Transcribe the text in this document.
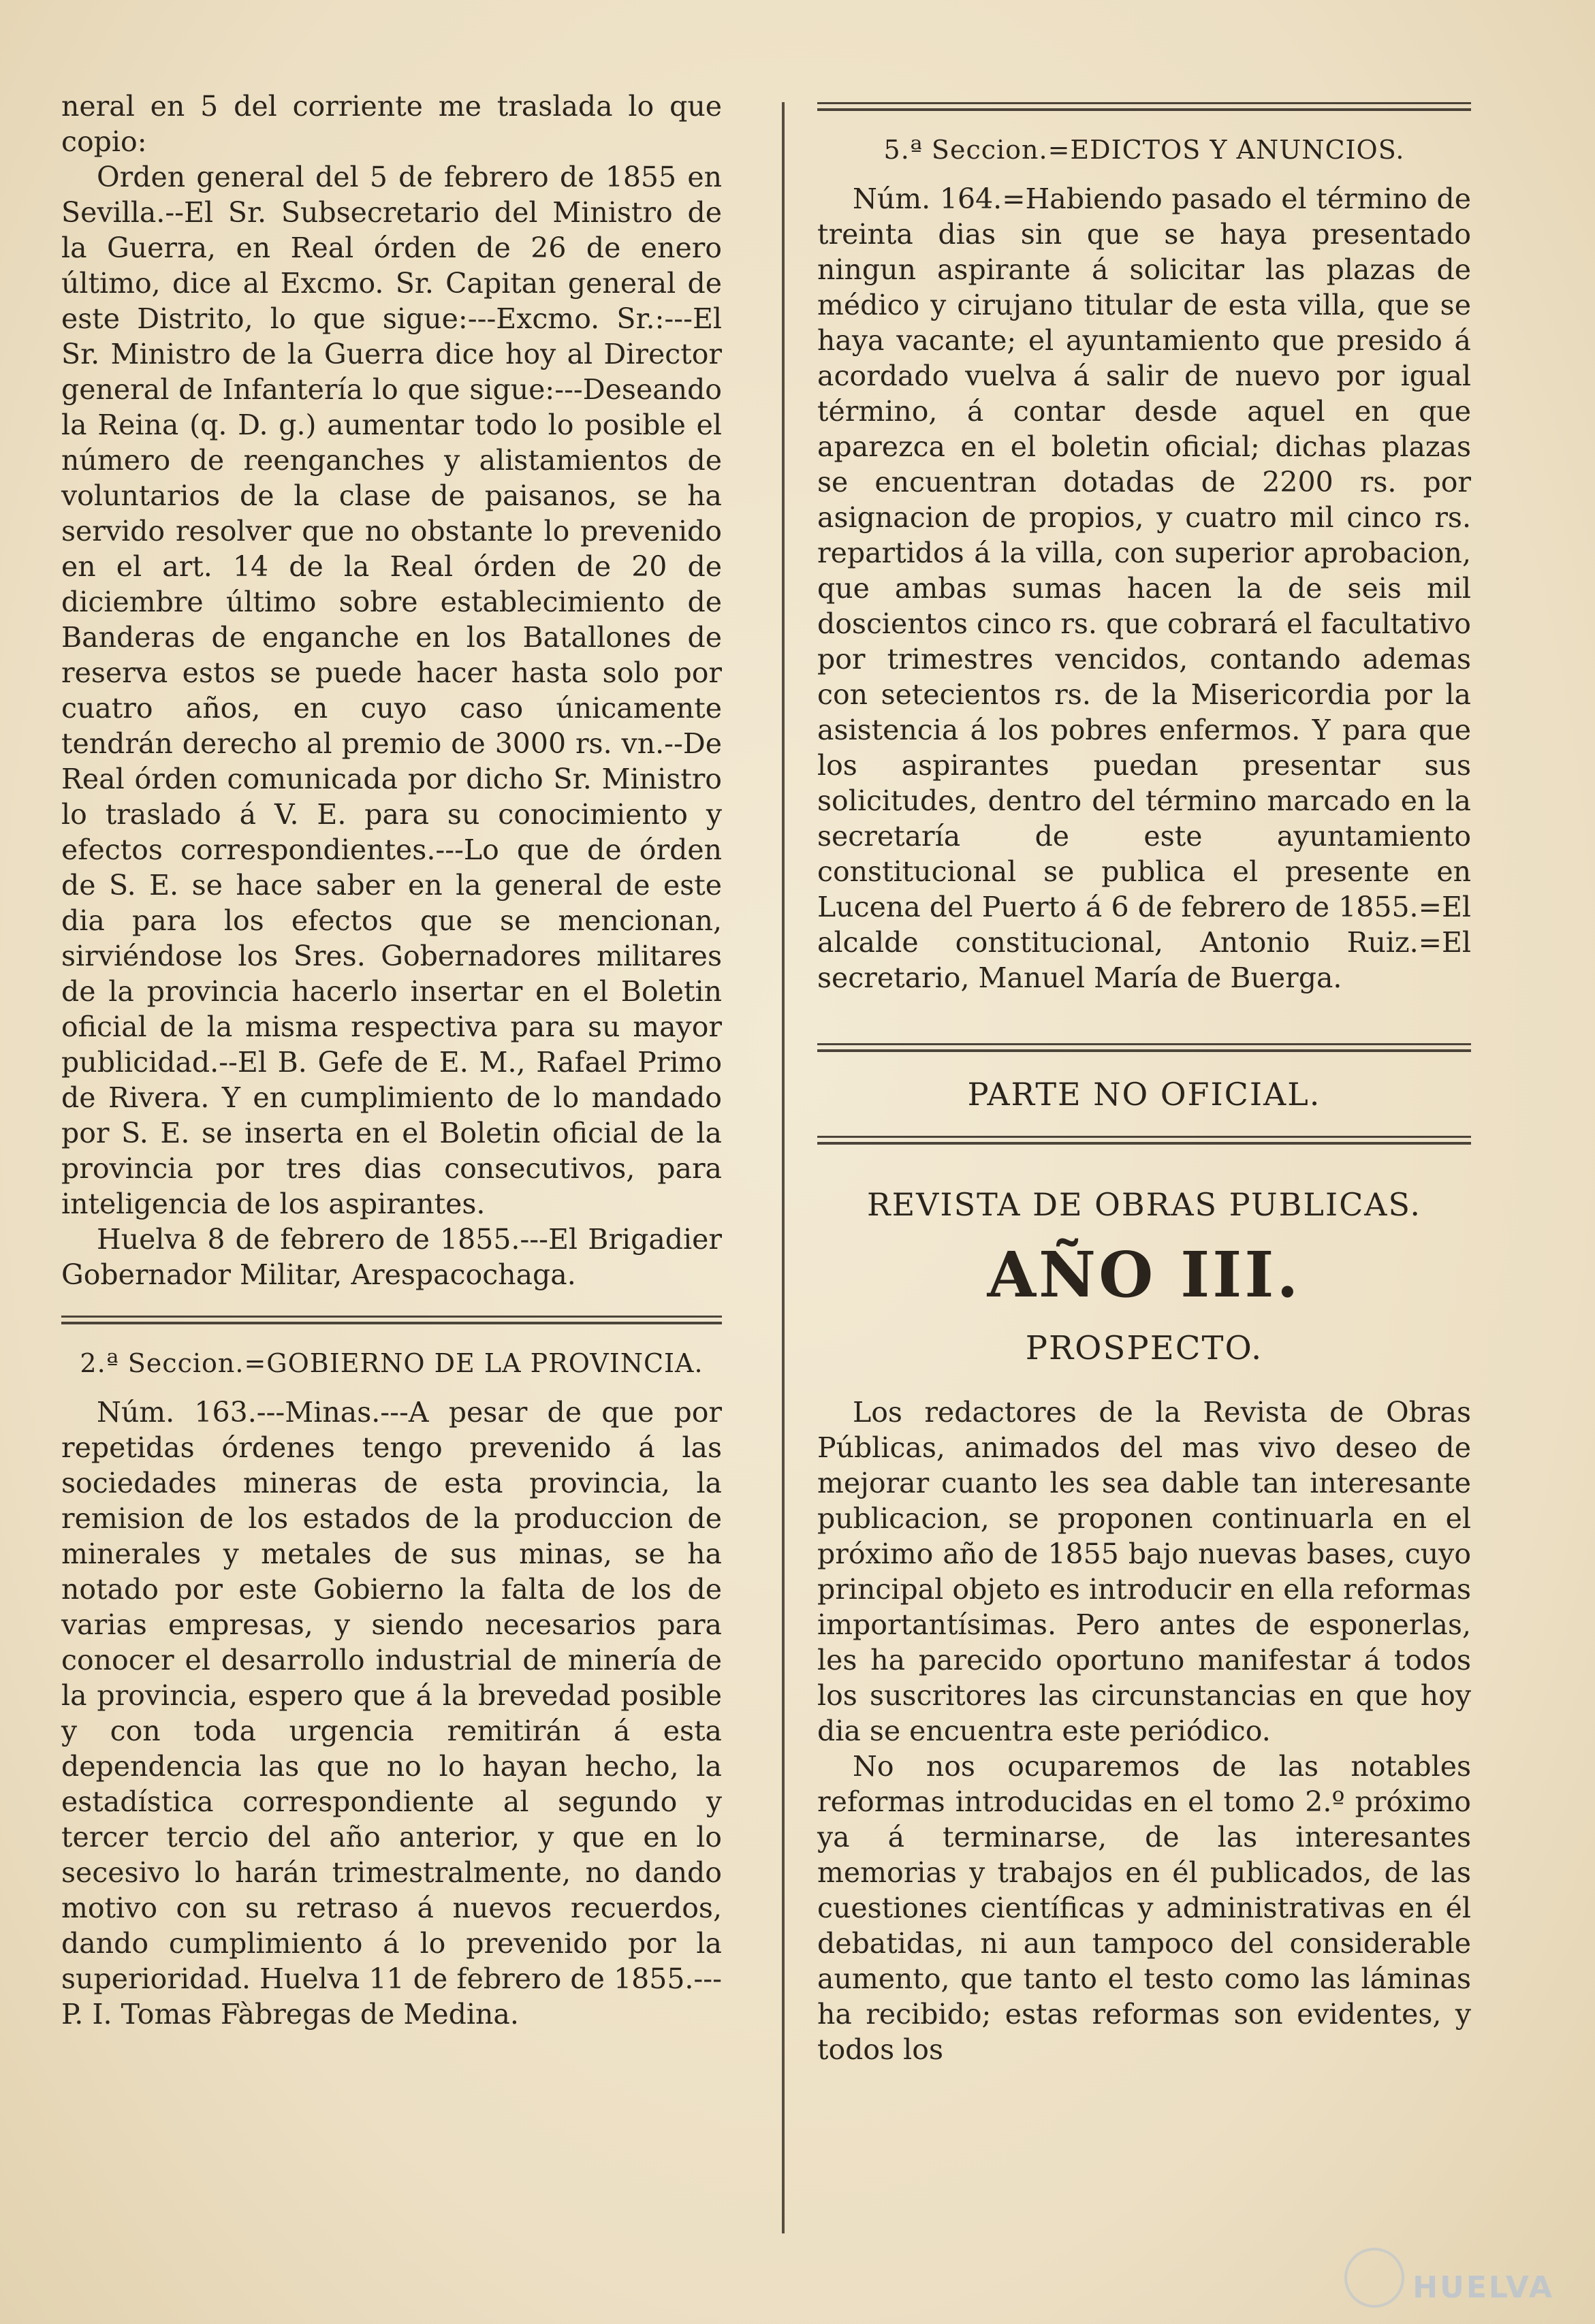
neral en 5 del corriente me traslada lo que copio:

Orden general del 5 de febrero de 1855 en Sevilla.--El Sr. Subsecretario del Ministro de la Guerra, en Real órden de 26 de enero último, dice al Excmo. Sr. Capitan general de este Distrito, lo que sigue:---Excmo. Sr.:---El Sr. Ministro de la Guerra dice hoy al Director general de Infantería lo que sigue:---Deseando la Reina (q. D. g.) aumentar todo lo posible el número de reenganches y alistamientos de voluntarios de la clase de paisanos, se ha servido resolver que no obstante lo prevenido en el art. 14 de la Real órden de 20 de diciembre último sobre establecimiento de Banderas de enganche en los Batallones de reserva estos se puede hacer hasta solo por cuatro años, en cuyo caso únicamente tendrán derecho al premio de 3000 rs. vn.--De Real órden comunicada por dicho Sr. Ministro lo traslado á V. E. para su conocimiento y efectos correspondientes.---Lo que de órden de S. E. se hace saber en la general de este dia para los efectos que se mencionan, sirviéndose los Sres. Gobernadores militares de la provincia hacerlo insertar en el Boletin oficial de la misma respectiva para su mayor publicidad.--El B. Gefe de E. M., Rafael Primo de Rivera. Y en cumplimiento de lo mandado por S. E. se inserta en el Boletin oficial de la provincia por tres dias consecutivos, para inteligencia de los aspirantes.

Huelva 8 de febrero de 1855.---El Brigadier Gobernador Militar, Arespacochaga.

2.ª Seccion.=GOBIERNO DE LA PROVINCIA.

Núm. 163.---Minas.---A pesar de que por repetidas órdenes tengo prevenido á las sociedades mineras de esta provincia, la remision de los estados de la produccion de minerales y metales de sus minas, se ha notado por este Gobierno la falta de los de varias empresas, y siendo necesarios para conocer el desarrollo industrial de minería de la provincia, espero que á la brevedad posible y con toda urgencia remitirán á esta dependencia las que no lo hayan hecho, la estadística correspondiente al segundo y tercer tercio del año anterior, y que en lo secesivo lo harán trimestralmente, no dando motivo con su retraso á nuevos recuerdos, dando cumplimiento á lo prevenido por la superioridad. Huelva 11 de febrero de 1855.---P. I. Tomas Fàbregas de Medina.

5.ª Seccion.=EDICTOS Y ANUNCIOS.

Núm. 164.=Habiendo pasado el término de treinta dias sin que se haya presentado ningun aspirante á solicitar las plazas de médico y cirujano titular de esta villa, que se haya vacante; el ayuntamiento que presido á acordado vuelva á salir de nuevo por igual término, á contar desde aquel en que aparezca en el boletin oficial; dichas plazas se encuentran dotadas de 2200 rs. por asignacion de propios, y cuatro mil cinco rs. repartidos á la villa, con superior aprobacion, que ambas sumas hacen la de seis mil doscientos cinco rs. que cobrará el facultativo por trimestres vencidos, contando ademas con setecientos rs. de la Misericordia por la asistencia á los pobres enfermos. Y para que los aspirantes puedan presentar sus solicitudes, dentro del término marcado en la secretaría de este ayuntamiento constitucional se publica el presente en Lucena del Puerto á 6 de febrero de 1855.=El alcalde constitucional, Antonio Ruiz.=El secretario, Manuel María de Buerga.

PARTE NO OFICIAL.
REVISTA DE OBRAS PUBLICAS.
AÑO III.
PROSPECTO.

Los redactores de la Revista de Obras Públicas, animados del mas vivo deseo de mejorar cuanto les sea dable tan interesante publicacion, se proponen continuarla en el próximo año de 1855 bajo nuevas bases, cuyo principal objeto es introducir en ella reformas importantísimas. Pero antes de esponerlas, les ha parecido oportuno manifestar á todos los suscritores las circunstancias en que hoy dia se encuentra este periódico.

No nos ocuparemos de las notables reformas introducidas en el tomo 2.º próximo ya á terminarse, de las interesantes memorias y trabajos en él publicados, de las cuestiones científicas y administrativas en él debatidas, ni aun tampoco del considerable aumento, que tanto el testo como las láminas ha recibido; estas reformas son evidentes, y todos los

HUELVA
